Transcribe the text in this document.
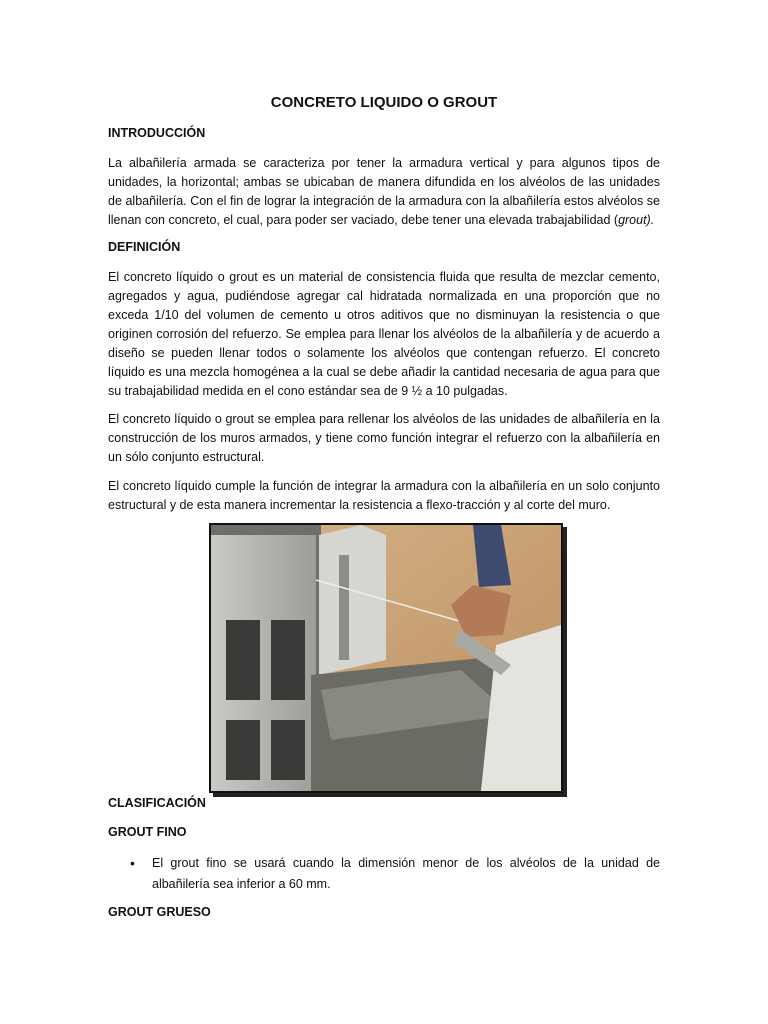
CONCRETO LIQUIDO O GROUT
INTRODUCCIÓN

La albañilería armada se caracteriza por tener la armadura vertical y para algunos tipos de unidades, la horizontal; ambas se ubicaban de manera difundida en los alvéolos de las unidades de albañilería. Con el fin de lograr la integración de la armadura con la albañilería estos alvéolos se llenan con concreto, el cual, para poder ser vaciado, debe tener una elevada trabajabilidad (grout).

DEFINICIÓN

El concreto líquido o grout es un material de consistencia fluida que resulta de mezclar cemento, agregados y agua, pudiéndose agregar cal hidratada normalizada en una proporción que no exceda 1/10 del volumen de cemento u otros aditivos que no disminuyan la resistencia o que originen corrosión del refuerzo. Se emplea para llenar los alvéolos de la albañilería y de acuerdo a diseño se pueden llenar todos o solamente los alvéolos que contengan refuerzo. El concreto líquido es una mezcla homogénea a la cual se debe añadir la cantidad necesaria de agua para que su trabajabilidad medida en el cono estándar sea de 9 ½ a 10 pulgadas.

El concreto líquido o grout se emplea para rellenar los alvéolos de las unidades de albañilería en la construcción de los muros armados, y tiene como función integrar el refuerzo con la albañilería en un sólo conjunto estructural.

El concreto líquido cumple la función de integrar la armadura con la albañilería en un solo conjunto estructural y de esta manera incrementar la resistencia a flexo-tracción y al corte del muro.

CLASIFICACIÓN
GROUT FINO
• El grout fino se usará cuando la dimensión menor de los alvéolos de la unidad de albañilería sea inferior a 60 mm.
GROUT GRUESO
